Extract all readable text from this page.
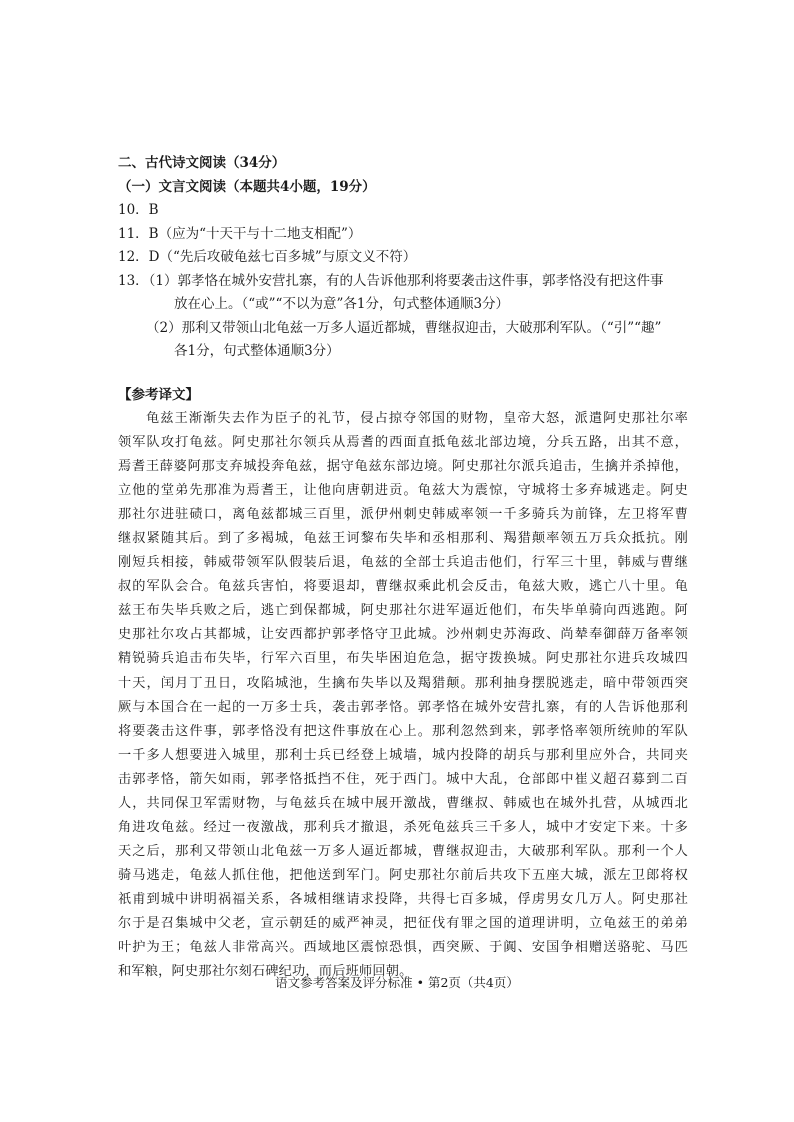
二、古代诗文阅读（34分）
（一）文言文阅读（本题共4小题，19分）
10．B
11．B（应为“十天干与十二地支相配”）
12．D（“先后攻破龟兹七百多城”与原文义不符）
13．（1）郭孝恪在城外安营扎寨，有的人告诉他那利将要袭击这件事，郭孝恪没有把这件事
放在心上。（“或”“不以为意”各1分，句式整体通顺3分）
（2）那利又带领山北龟兹一万多人逼近都城，曹继叔迎击，大破那利军队。（“引”“趣”
各1分，句式整体通顺3分）
【参考译文】
龟兹王渐渐失去作为臣子的礼节，侵占掠夺邻国的财物，皇帝大怒，派遣阿史那社尔率
领军队攻打龟兹。阿史那社尔领兵从焉耆的西面直抵龟兹北部边境，分兵五路，出其不意，
焉耆王薛婆阿那支弃城投奔龟兹，据守龟兹东部边境。阿史那社尔派兵追击，生擒并杀掉他，
立他的堂弟先那准为焉耆王，让他向唐朝进贡。龟兹大为震惊，守城将士多弃城逃走。阿史
那社尔进驻碛口，离龟兹都城三百里，派伊州刺史韩威率领一千多骑兵为前锋，左卫将军曹
继叔紧随其后。到了多褐城，龟兹王诃黎布失毕和丞相那利、羯猎颠率领五万兵众抵抗。刚
刚短兵相接，韩威带领军队假装后退，龟兹的全部士兵追击他们，行军三十里，韩威与曹继
叔的军队会合。龟兹兵害怕，将要退却，曹继叔乘此机会反击，龟兹大败，逃亡八十里。龟
兹王布失毕兵败之后，逃亡到保都城，阿史那社尔进军逼近他们，布失毕单骑向西逃跑。阿
史那社尔攻占其都城，让安西都护郭孝恪守卫此城。沙州刺史苏海政、尚辇奉御薛万备率领
精锐骑兵追击布失毕，行军六百里，布失毕困迫危急，据守拨换城。阿史那社尔进兵攻城四
十天，闰月丁丑日，攻陷城池，生擒布失毕以及羯猎颠。那利抽身摆脱逃走，暗中带领西突
厥与本国合在一起的一万多士兵，袭击郭孝恪。郭孝恪在城外安营扎寨，有的人告诉他那利
将要袭击这件事，郭孝恪没有把这件事放在心上。那利忽然到来，郭孝恪率领所统帅的军队
一千多人想要进入城里，那利士兵已经登上城墙，城内投降的胡兵与那利里应外合，共同夹
击郭孝恪，箭矢如雨，郭孝恪抵挡不住，死于西门。城中大乱，仓部郎中崔义超召募到二百
人，共同保卫军需财物，与龟兹兵在城中展开激战，曹继叔、韩威也在城外扎营，从城西北
角进攻龟兹。经过一夜激战，那利兵才撤退，杀死龟兹兵三千多人，城中才安定下来。十多
天之后，那利又带领山北龟兹一万多人逼近都城，曹继叔迎击，大破那利军队。那利一个人
骑马逃走，龟兹人抓住他，把他送到军门。阿史那社尔前后共攻下五座大城，派左卫郎将权
祇甫到城中讲明祸福关系，各城相继请求投降，共得七百多城，俘虏男女几万人。阿史那社
尔于是召集城中父老，宣示朝廷的威严神灵，把征伐有罪之国的道理讲明，立龟兹王的弟弟
叶护为王；龟兹人非常高兴。西域地区震惊恐惧，西突厥、于阗、安国争相赠送骆驼、马匹
和军粮，阿史那社尔刻石碑纪功，而后班师回朝。
语文参考答案及评分标准 • 第2页（共4页）
